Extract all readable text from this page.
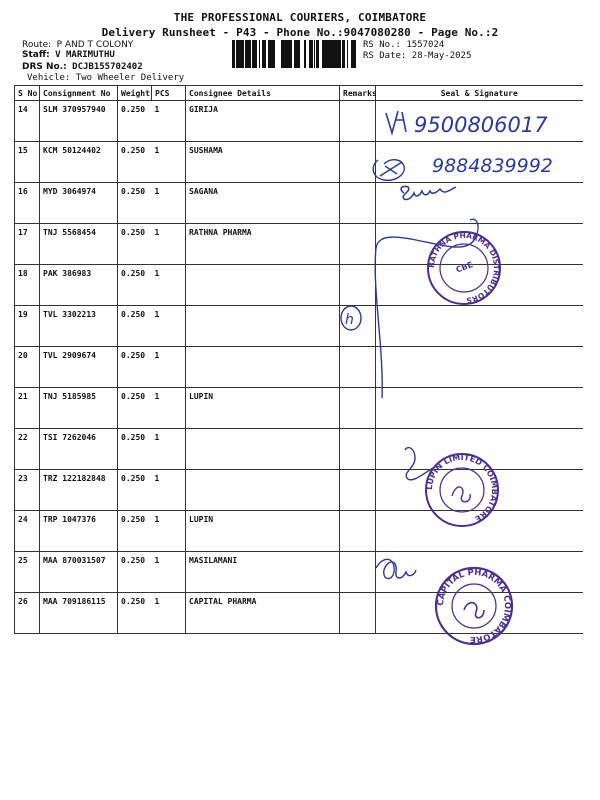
THE PROFESSIONAL COURIERS, COIMBATORE
Delivery Runsheet - P43 - Phone No.:9047080280 - Page No.:2
Route: P AND T COLONY
Staff: V MARIMUTHU
DRS No.: DCJB155702402
Vehicle: Two Wheeler Delivery
RS No.: 1557024
RS Date: 28-May-2025
S No	Consignment No	Weight	PCS	Consignee Details	Remarks	Seal & Signature
14	SLM 370957940	0.250	1	GIRIJA		
15	KCM 50124402	0.250	1	SUSHAMA		
16	MYD 3064974	0.250	1	SAGANA		
17	TNJ 5568454	0.250	1	RATHNA PHARMA		
18	PAK 386983	0.250	1			
19	TVL 3302213	0.250	1			
20	TVL 2909674	0.250	1			
21	TNJ 5185985	0.250	1	LUPIN		
22	TSI 7262046	0.250	1			
23	TRZ 122182848	0.250	1			
24	TRP 1047376	0.250	1	LUPIN		
25	MAA 870031507	0.250	1	MASILAMANI		
26	MAA 709186115	0.250	1	CAPITAL PHARMA		
9500806017
9884839992
h
RATHNA PHARMA DISTRIBUTORS
CBE
LUPIN LIMITED COIMBATORE
CAPITAL PHARMA COIMBATORE
